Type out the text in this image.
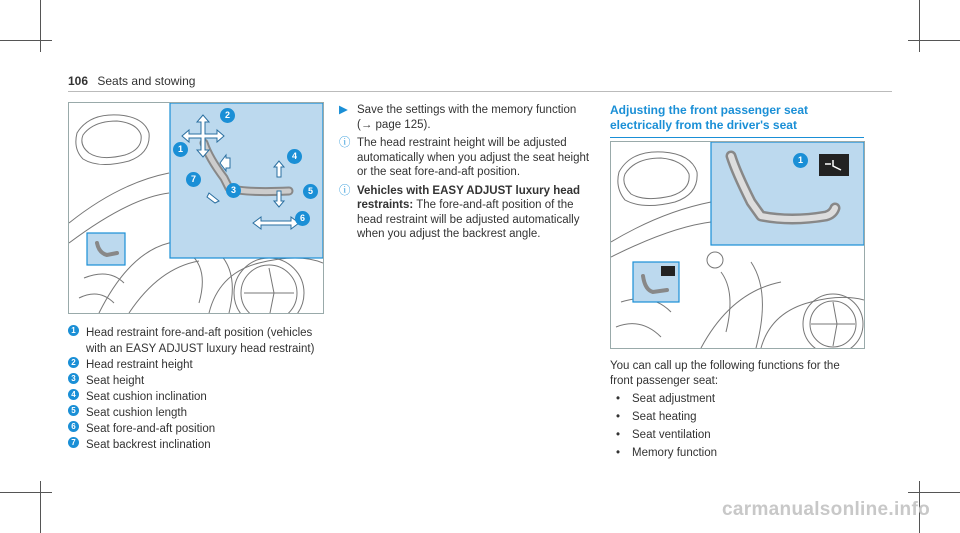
106 Seats and stowing
1
2
3
4
5
6
7
1 Head restraint fore-and-aft position (vehicles with an EASY ADJUST luxury head restraint)
2 Head restraint height
3 Seat height
4 Seat cushion inclination
5 Seat cushion length
6 Seat fore-and-aft position
7 Seat backrest inclination
▶ Save the settings with the memory function (→ page 125).
ⓘ The head restraint height will be adjusted automatically when you adjust the seat height or the seat fore-and-aft position.
ⓘ Vehicles with EASY ADJUST luxury head restraints: The fore-and-aft position of the head restraint will be adjusted automatically when you adjust the backrest angle.
Adjusting the front passenger seat electrically from the driver's seat
1

You can call up the following functions for the front passenger seat:

• Seat adjustment
• Seat heating
• Seat ventilation
• Memory function
carmanualsonline.info
